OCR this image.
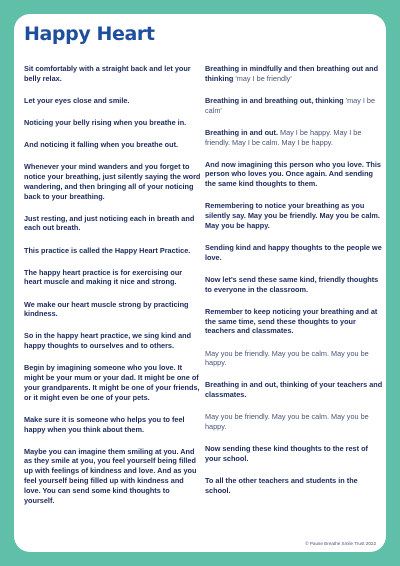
Happy Heart

Sit comfortably with a straight back and let your belly relax.

Let your eyes close and smile.

Noticing your belly rising when you breathe in.

And noticing it falling when you breathe out.

Whenever your mind wanders and you forget to notice your breathing, just silently saying the word wandering, and then bringing all of your noticing back to your breathing.

Just resting, and just noticing each in breath and each out breath.

This practice is called the Happy Heart Practice.

The happy heart practice is for exercising our heart muscle and making it nice and strong.

We make our heart muscle strong by practicing kindness.

So in the happy heart practice, we sing kind and happy thoughts to ourselves and to others.

Begin by imagining someone who you love. It might be your mum or your dad. It might be one of your grandparents. It might be one of your friends, or it might even be one of your pets.

Make sure it is someone who helps you to feel happy when you think about them.

Maybe you can imagine them smiling at you. And as they smile at you, you feel yourself being filled up with feelings of kindness and love. And as you feel yourself being filled up with kindness and love. You can send some kind thoughts to yourself.

Breathing in mindfully and then breathing out and thinking 'may I be friendly'

Breathing in and breathing out, thinking 'may I be calm'

Breathing in and out. May I be happy. May I be friendly. May I be calm. May I be happy.

And now imagining this person who you love. This person who loves you. Once again. And sending the same kind thoughts to them.

Remembering to notice your breathing as you silently say. May you be friendly. May you be calm. May you be happy.

Sending kind and happy thoughts to the people we love.

Now let's send these same kind, friendly thoughts to everyone in the classroom.

Remember to keep noticing your breathing and at the same time, send these thoughts to your teachers and classmates.

May you be friendly. May you be calm. May you be happy.

Breathing in and out, thinking of your teachers and classmates.

May you be friendly. May you be calm. May you be happy.

Now sending these kind thoughts to the rest of your school.

To all the other teachers and students in the school.

© Pause Breathe Smile Trust 2022
